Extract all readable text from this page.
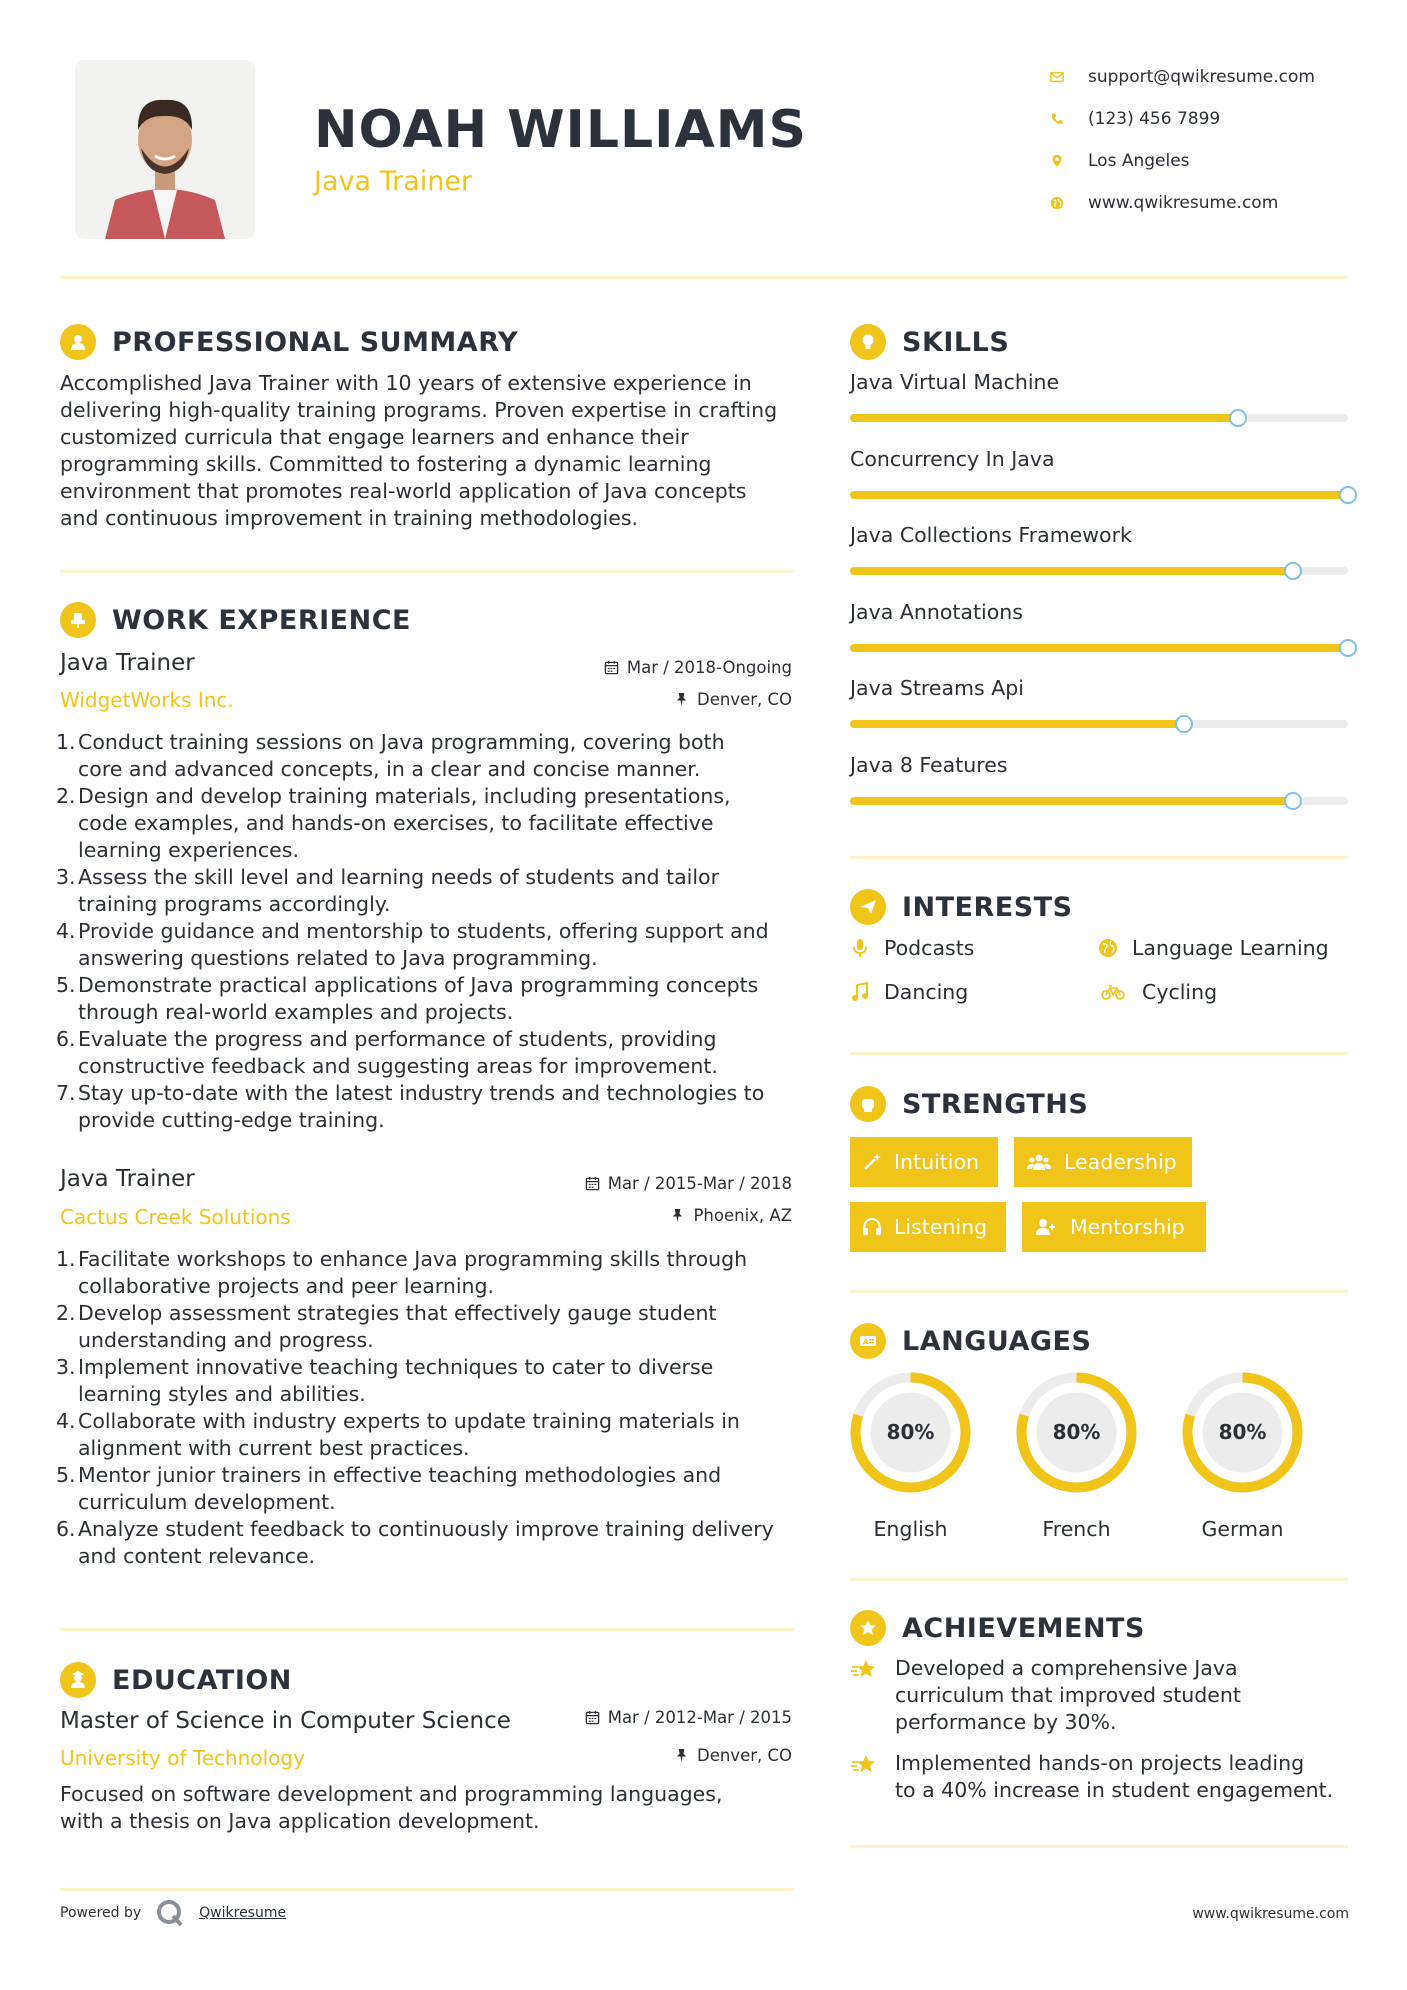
NOAH WILLIAMS
Java Trainer
support@qwikresume.com
(123) 456 7899
Los Angeles
www.qwikresume.com
PROFESSIONAL SUMMARY
Accomplished Java Trainer with 10 years of extensive experience in
delivering high-quality training programs. Proven expertise in crafting
customized curricula that engage learners and enhance their
programming skills. Committed to fostering a dynamic learning
environment that promotes real-world application of Java concepts
and continuous improvement in training methodologies.
WORK EXPERIENCE
Java Trainer
WidgetWorks Inc.
Mar / 2018-Ongoing
Denver, CO
1. Conduct training sessions on Java programming, covering both
core and advanced concepts, in a clear and concise manner.
2. Design and develop training materials, including presentations,
code examples, and hands-on exercises, to facilitate effective
learning experiences.
3. Assess the skill level and learning needs of students and tailor
training programs accordingly.
4. Provide guidance and mentorship to students, offering support and
answering questions related to Java programming.
5. Demonstrate practical applications of Java programming concepts
through real-world examples and projects.
6. Evaluate the progress and performance of students, providing
constructive feedback and suggesting areas for improvement.
7. Stay up-to-date with the latest industry trends and technologies to
provide cutting-edge training.
Java Trainer
Cactus Creek Solutions
Mar / 2015-Mar / 2018
Phoenix, AZ
1. Facilitate workshops to enhance Java programming skills through
collaborative projects and peer learning.
2. Develop assessment strategies that effectively gauge student
understanding and progress.
3. Implement innovative teaching techniques to cater to diverse
learning styles and abilities.
4. Collaborate with industry experts to update training materials in
alignment with current best practices.
5. Mentor junior trainers in effective teaching methodologies and
curriculum development.
6. Analyze student feedback to continuously improve training delivery
and content relevance.
EDUCATION
Master of Science in Computer Science
University of Technology
Mar / 2012-Mar / 2015
Denver, CO
Focused on software development and programming languages,
with a thesis on Java application development.
Powered by	Qwikresume	www.qwikresume.com
SKILLS
Java Virtual Machine
Concurrency In Java
Java Collections Framework
Java Annotations
Java Streams Api
Java 8 Features
INTERESTS
Podcasts	Language Learning
Dancing	Cycling
STRENGTHS
Intuition	Leadership
Listening	Mentorship
A LANGUAGES
80%
English
80%
French
80%
German
ACHIEVEMENTS
Developed a comprehensive Java
curriculum that improved student
performance by 30%.
Implemented hands-on projects leading
to a 40% increase in student engagement.
